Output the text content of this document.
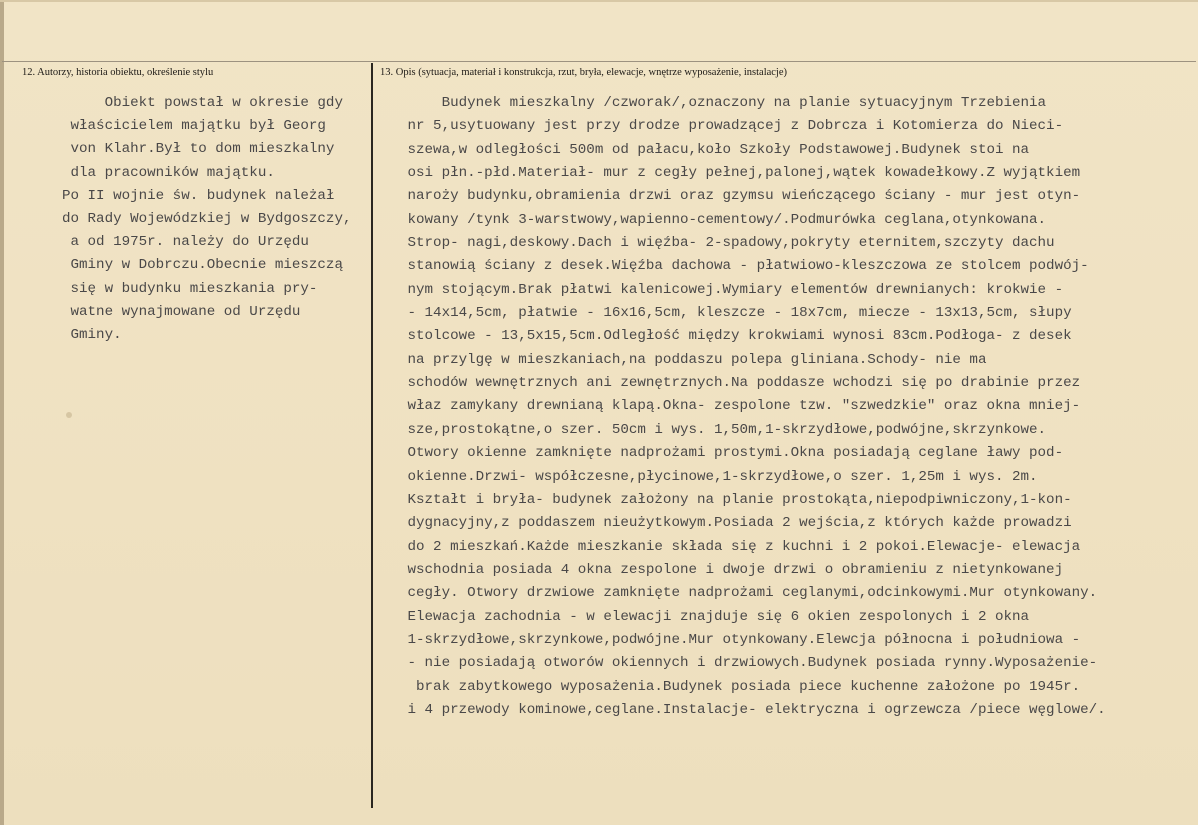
12. Autorzy, historia obiektu, określenie stylu	13. Opis (sytuacja, materiał i konstrukcja, rzut, bryła, elewacje, wnętrze wyposażenie, instalacje)
Obiekt powstał w okresie gdy
właścicielem majątku był Georg
von Klahr.Był to dom mieszkalny
dla pracowników majątku.
Po II wojnie św. budynek należał
do Rady Wojewódzkiej w Bydgoszczy,
a od 1975r. należy do Urzędu
Gminy w Dobrczu.Obecnie mieszczą
się w budynku mieszkania pry-
watne wynajmowane od Urzędu
Gminy.
Budynek mieszkalny /czworak/,oznaczony na planie sytuacyjnym Trzebienia
nr 5,usytuowany jest przy drodze prowadzącej z Dobrcza i Kotomierza do Nieci-
szewa,w odległości 500m od pałacu,koło Szkoły Podstawowej.Budynek stoi na
osi płn.-płd.Materiał- mur z cegły pełnej,palonej,wątek kowadełkowy.Z wyjątkiem
naroży budynku,obramienia drzwi oraz gzymsu wieńczącego ściany - mur jest otyn-
kowany /tynk 3-warstwowy,wapienno-cementowy/.Podmurówka ceglana,otynkowana.
Strop- nagi,deskowy.Dach i więźba- 2-spadowy,pokryty eternitem,szczyty dachu
stanowią ściany z desek.Więźba dachowa - płatwiowo-kleszczowa ze stolcem podwój-
nym stojącym.Brak płatwi kalenicowej.Wymiary elementów drewnianych: krokwie -
- 14x14,5cm, płatwie - 16x16,5cm, kleszcze - 18x7cm, miecze - 13x13,5cm, słupy
stolcowe - 13,5x15,5cm.Odległość między krokwiami wynosi 83cm.Podłoga- z desek
na przylgę w mieszkaniach,na poddaszu polepa gliniana.Schody- nie ma
schodów wewnętrznych ani zewnętrznych.Na poddasze wchodzi się po drabinie przez
właz zamykany drewnianą klapą.Okna- zespolone tzw. "szwedzkie" oraz okna mniej-
sze,prostokątne,o szer. 50cm i wys. 1,50m,1-skrzydłowe,podwójne,skrzynkowe.
Otwory okienne zamknięte nadprożami prostymi.Okna posiadają ceglane ławy pod-
okienne.Drzwi- współczesne,płycinowe,1-skrzydłowe,o szer. 1,25m i wys. 2m.
Kształt i bryła- budynek założony na planie prostokąta,niepodpiwniczony,1-kon-
dygnacyjny,z poddaszem nieużytkowym.Posiada 2 wejścia,z których każde prowadzi
do 2 mieszkań.Każde mieszkanie składa się z kuchni i 2 pokoi.Elewacje- elewacja
wschodnia posiada 4 okna zespolone i dwoje drzwi o obramieniu z nietynkowanej
cegły. Otwory drzwiowe zamknięte nadprożami ceglanymi,odcinkowymi.Mur otynkowany.
Elewacja zachodnia - w elewacji znajduje się 6 okien zespolonych i 2 okna
1-skrzydłowe,skrzynkowe,podwójne.Mur otynkowany.Elewcja północna i południowa -
- nie posiadają otworów okiennych i drzwiowych.Budynek posiada rynny.Wyposażenie-
brak zabytkowego wyposażenia.Budynek posiada piece kuchenne założone po 1945r.
i 4 przewody kominowe,ceglane.Instalacje- elektryczna i ogrzewcza /piece węglowe/.
